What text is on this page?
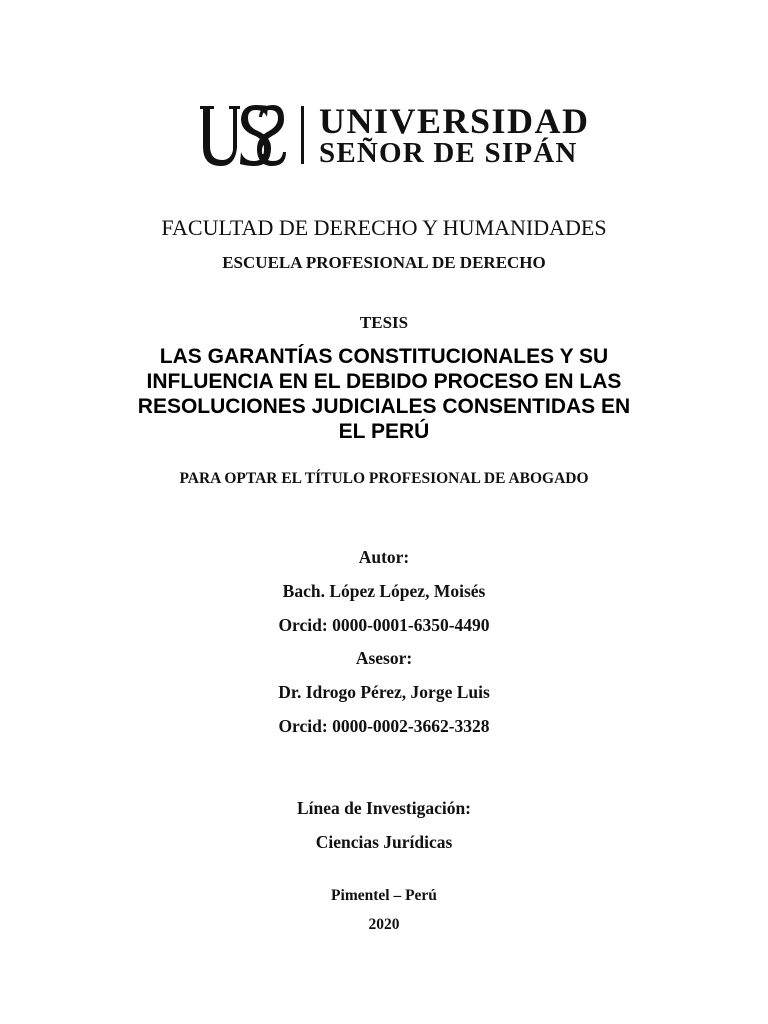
UNIVERSIDAD
SEÑOR DE SIPÁN
FACULTAD DE DERECHO Y HUMANIDADES
ESCUELA PROFESIONAL DE DERECHO
TESIS
LAS GARANTÍAS CONSTITUCIONALES Y SU
INFLUENCIA EN EL DEBIDO PROCESO EN LAS
RESOLUCIONES JUDICIALES CONSENTIDAS EN
EL PERÚ
PARA OPTAR EL TÍTULO PROFESIONAL DE ABOGADO
Autor:
Bach. López López, Moisés
Orcid: 0000-0001-6350-4490
Asesor:
Dr. Idrogo Pérez, Jorge Luis
Orcid: 0000-0002-3662-3328
Línea de Investigación:
Ciencias Jurídicas
Pimentel – Perú
2020
